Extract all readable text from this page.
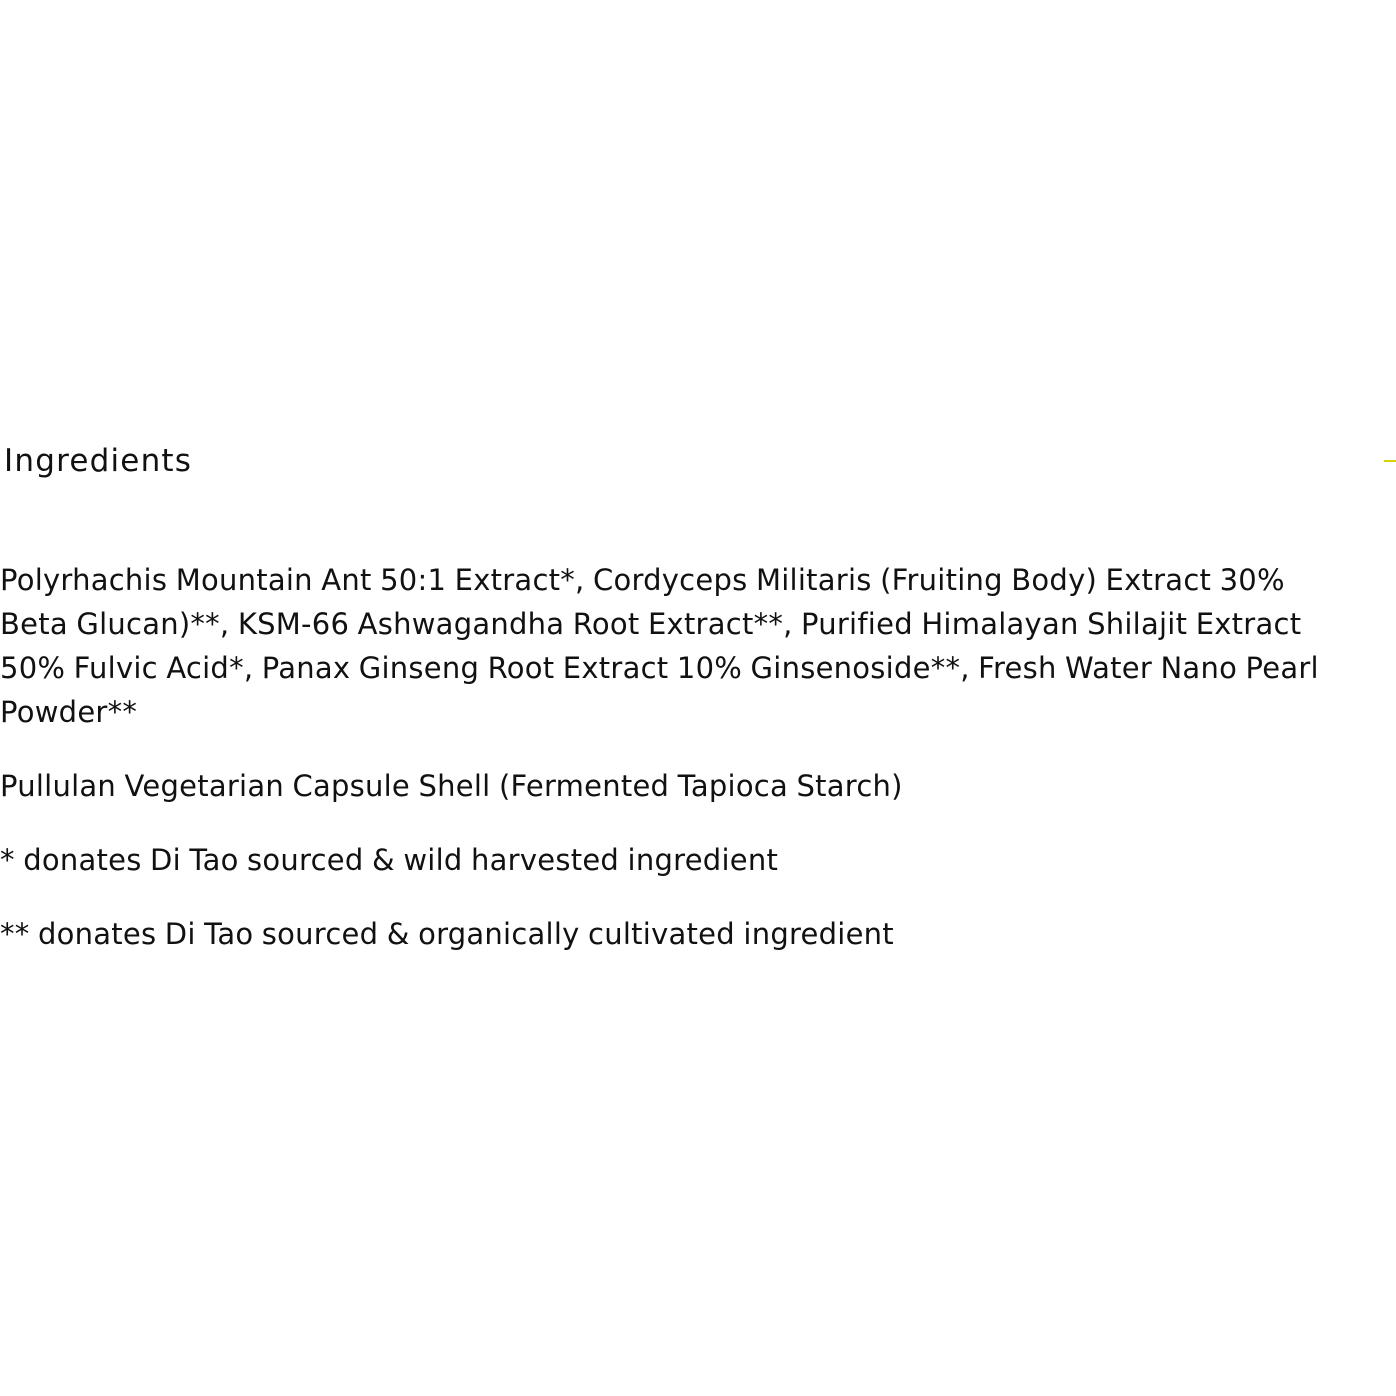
Ingredients

Polyrhachis Mountain Ant 50:1 Extract*, Cordyceps Militaris (Fruiting Body) Extract 30%

Beta Glucan)**, KSM-66 Ashwagandha Root Extract**, Purified Himalayan Shilajit Extract

50% Fulvic Acid*, Panax Ginseng Root Extract 10% Ginsenoside**, Fresh Water Nano Pearl

Powder**

Pullulan Vegetarian Capsule Shell (Fermented Tapioca Starch)

* donates Di Tao sourced & wild harvested ingredient

** donates Di Tao sourced & organically cultivated ingredient
